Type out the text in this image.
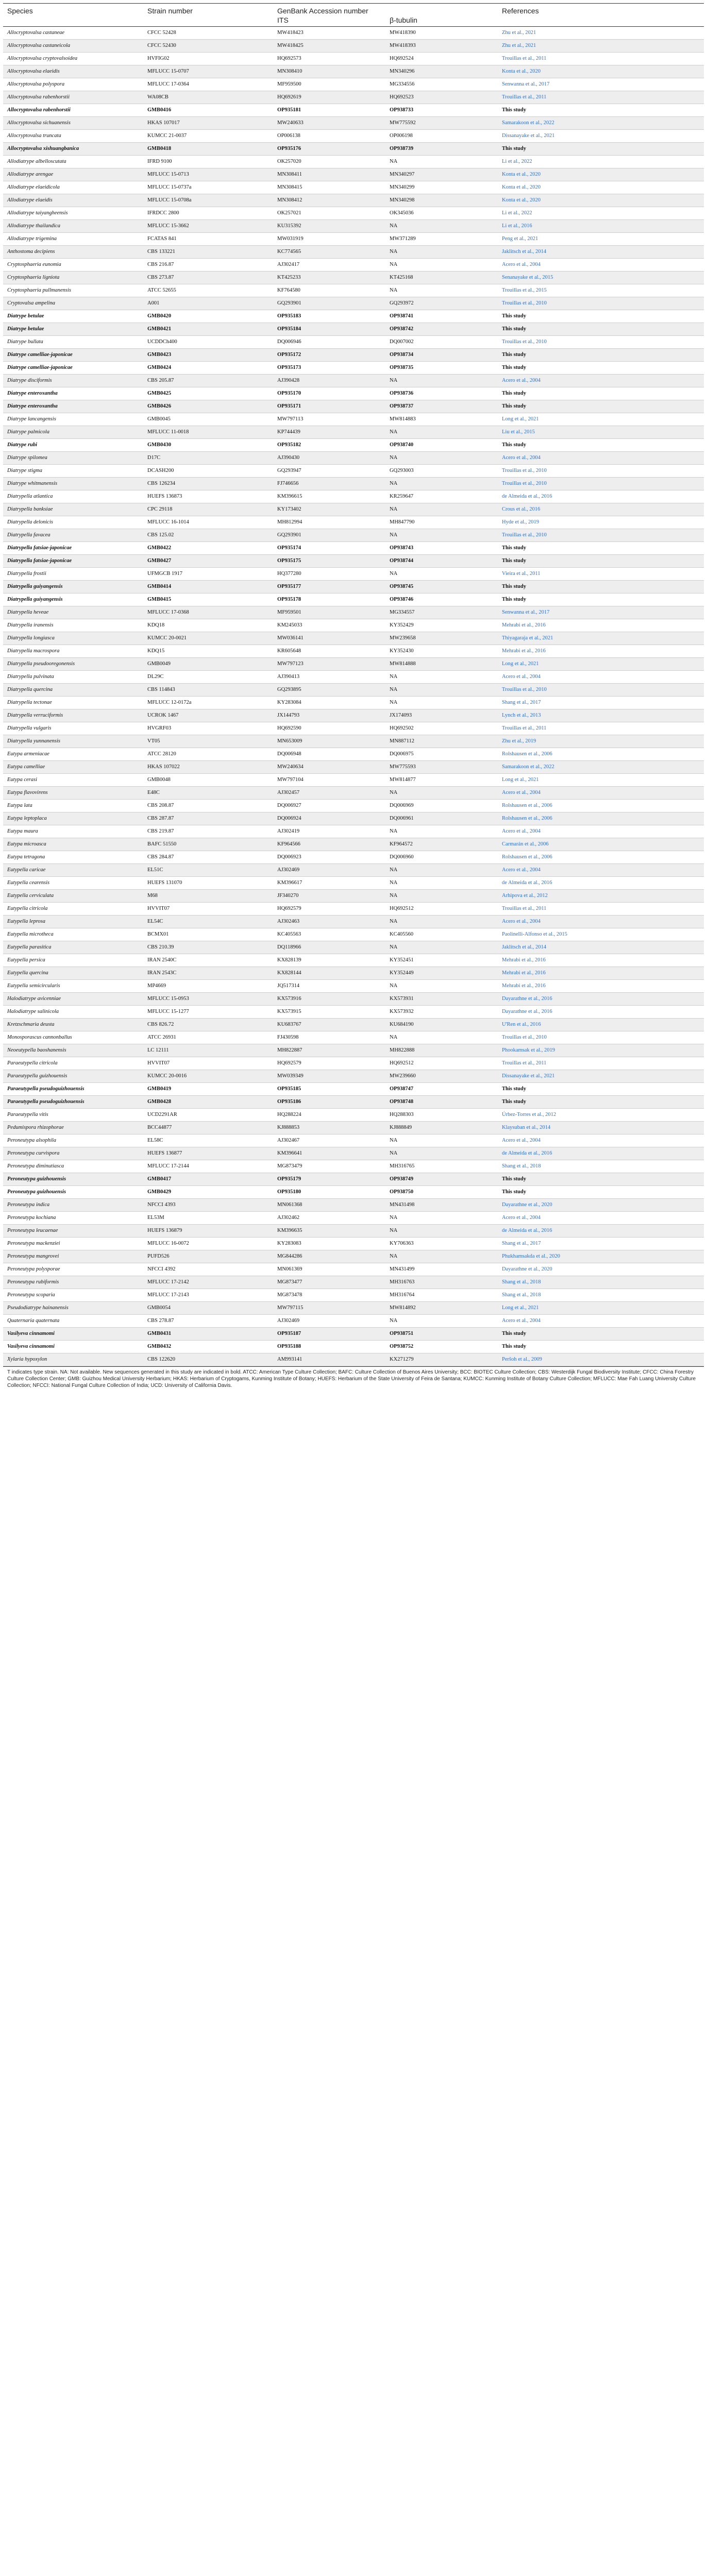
Species	Strain number	GenBank Accession number		References
		ITS	β-tubulin	
Allocryptovalsa castaneae	CFCC 52428	MW418423	MW418390	Zhu et al., 2021
Allocryptovalsa castaneicola	CFCC 52430	MW418425	MW418393	Zhu et al., 2021
Allocryptovalsa cryptovalsoidea	HVFIG02	HQ692573	HQ692524	Trouillas et al., 2011
Allocryptovalsa elaeidis	MFLUCC 15-0707	MN308410	MN340296	Konta et al., 2020
Allocryptovalsa polyspora	MFLUCC 17-0364	MF959500	MG334556	Senwanna et al., 2017
Allocryptovalsa rabenhorstii	WA08CB	HQ692619	HQ692523	Trouillas et al., 2011
Allocryptovalsa rabenhorstii	GMB0416	OP935181	OP938733	This study
Allocryptovalsa sichuanensis	HKAS 107017	MW240633	MW775592	Samarakoon et al., 2022
Allocryptovalsa truncata	KUMCC 21-0037	OP006138	OP006198	Dissanayake et al., 2021
Allocryptovalsa xishuangbanica	GMB0418	OP935176	OP938739	This study
Allodiatrype albelloscutata	IFRD 9100	OK257020	NA	Li et al., 2022
Allodiatrype arengae	MFLUCC 15-0713	MN308411	MN340297	Konta et al., 2020
Allodiatrype elaeidicola	MFLUCC 15-0737a	MN308415	MN340299	Konta et al., 2020
Allodiatrype elaeidis	MFLUCC 15-0708a	MN308412	MN340298	Konta et al., 2020
Allodiatrype taiyangheensis	IFRDCC 2800	OK257021	OK345036	Li et al., 2022
Allodiatrype thailandica	MFLUCC 15-3662	KU315392	NA	Li et al., 2016
Allodiatrype trigemina	FCATAS 841	MW031919	MW371289	Peng et al., 2021
Anthostoma decipiens	CBS 133221	KC774565	NA	Jaklitsch et al., 2014
Cryptosphaeria eunomia	CBS 216.87	AJ302417	NA	Acero et al., 2004
Cryptosphaeria ligniota	CBS 273.87	KT425233	KT425168	Senanayake et al., 2015
Cryptosphaeria pullmanensis	ATCC 52655	KF764580	NA	Trouillas et al., 2015
Cryptovalsa ampelina	A001	GQ293901	GQ293972	Trouillas et al., 2010
Diatrype betulae	GMB0420	OP935183	OP938741	This study
Diatrype betulae	GMB0421	OP935184	OP938742	This study
Diatrype bullata	UCDDCh400	DQ006946	DQ007002	Trouillas et al., 2010
Diatrype camelliae-japonicae	GMB0423	OP935172	OP938734	This study
Diatrype camelliae-japonicae	GMB0424	OP935173	OP938735	This study
Diatrype disciformis	CBS 205.87	AJ390428	NA	Acero et al., 2004
Diatrype enteroxantha	GMB0425	OP935170	OP938736	This study
Diatrype enteroxantha	GMB0426	OP935171	OP938737	This study
Diatrype lancangensis	GMB0045	MW797113	MW814883	Long et al., 2021
Diatrype palmicola	MFLUCC 11-0018	KP744439	NA	Liu et al., 2015
Diatrype rubi	GMB0430	OP935182	OP938740	This study
Diatrype spilomea	D17C	AJ390430	NA	Acero et al., 2004
Diatrype stigma	DCASH200	GQ293947	GQ293003	Trouillas et al., 2010
Diatrype whitmanensis	CBS 126234	FJ746656	NA	Trouillas et al., 2010
Diatrypella atlantica	HUEFS 136873	KM396615	KR259647	de Almeida et al., 2016
Diatrypella banksiae	CPC 29118	KY173402	NA	Crous et al., 2016
Diatrypella delonicis	MFLUCC 16-1014	MH812994	MH847790	Hyde et al., 2019
Diatrypella favacea	CBS 125.02	GQ293901	NA	Trouillas et al., 2010
Diatrypella fatsiae-japonicae	GMB0422	OP935174	OP938743	This study
Diatrypella fatsiae-japonicae	GMB0427	OP935175	OP938744	This study
Diatrypella frostii	UFMGCB 1917	HQ377280	NA	Vieira et al., 2011
Diatrypella guiyangensis	GMB0414	OP935177	OP938745	This study
Diatrypella guiyangensis	GMB0415	OP935178	OP938746	This study
Diatrypella heveae	MFLUCC 17-0368	MF959501	MG334557	Senwanna et al., 2017
Diatrypella iranensis	KDQ18	KM245033	KY352429	Mehrabi et al., 2016
Diatrypella longiasca	KUMCC 20-0021	MW036141	MW239658	Thiyagaraja et al., 2021
Diatrypella macrospora	KDQ15	KR605648	KY352430	Mehrabi et al., 2016
Diatrypella pseudooregonensis	GMB0049	MW797123	MW814888	Long et al., 2021
Diatrypella pulvinata	DL29C	AJ390413	NA	Acero et al., 2004
Diatrypella quercina	CBS 114843	GQ293895	NA	Trouillas et al., 2010
Diatrypella tectonae	MFLUCC 12-0172a	KY283084	NA	Shang et al., 2017
Diatrypella verruciformis	UCROK 1467	JX144793	JX174093	Lynch et al., 2013
Diatrypella vulgaris	HVGRF03	HQ692590	HQ692502	Trouillas et al., 2011
Diatrypella yunnanensis	VT05	MN653009	MN887112	Zhu et al., 2019
Eutypa armeniacae	ATCC 28120	DQ006948	DQ006975	Rolshausen et al., 2006
Eutypa camelliae	HKAS 107022	MW240634	MW775593	Samarakoon et al., 2022
Eutypa cerasi	GMB0048	MW797104	MW814877	Long et al., 2021
Eutypa flavovirens	E48C	AJ302457	NA	Acero et al., 2004
Eutypa lata	CBS 208.87	DQ006927	DQ006969	Rolshausen et al., 2006
Eutypa leptoplaca	CBS 287.87	DQ006924	DQ006961	Rolshausen et al., 2006
Eutypa maura	CBS 219.87	AJ302419	NA	Acero et al., 2004
Eutypa microasca	BAFC 51550	KF964566	KF964572	Carmarán et al., 2006
Eutypa tetragona	CBS 284.87	DQ006923	DQ006960	Rolshausen et al., 2006
Eutypella caricae	EL51C	AJ302469	NA	Acero et al., 2004
Eutypella cearensis	HUEFS 131070	KM396617	NA	de Almeida et al., 2016
Eutypella cerviculata	M68	JF340270	NA	Arhipova et al., 2012
Eutypella citricola	HVVIT07	HQ692579	HQ692512	Trouillas et al., 2011
Eutypella leprosa	EL54C	AJ302463	NA	Acero et al., 2004
Eutypella microtheca	BCMX01	KC405563	KC405560	Paolinelli-Alfonso et al., 2015
Eutypella parasitica	CBS 210.39	DQ118966	NA	Jaklitsch et al., 2014
Eutypella persica	IRAN 2540C	KX828139	KY352451	Mehrabi et al., 2016
Eutypella quercina	IRAN 2543C	KX828144	KY352449	Mehrabi et al., 2016
Eutypella semicircularis	MP4669	JQ517314	NA	Mehrabi et al., 2016
Halodiatrype avicenniae	MFLUCC 15-0953	KX573916	KX573931	Dayarathne et al., 2016
Halodiatrype salinicola	MFLUCC 15-1277	KX573915	KX573932	Dayarathne et al., 2016
Kretzschmaria deusta	CBS 826.72	KU683767	KU684190	U'Ren et al., 2016
Monosporascus cannonballus	ATCC 26931	FJ430598	NA	Trouillas et al., 2010
Neoeutypella baoshanensis	LC 12111	MH822887	MH822888	Phookamsak et al., 2019
Paraeutypella citricola	HVVIT07	HQ692579	HQ692512	Trouillas et al., 2011
Paraeutypella guizhouensis	KUMCC 20-0016	MW039349	MW239660	Dissanayake et al., 2021
Paraeutypella pseudoguizhouensis	GMB0419	OP935185	OP938747	This study
Paraeutypella pseudoguizhouensis	GMB0428	OP935186	OP938748	This study
Paraeutypella vitis	UCD2291AR	HQ288224	HQ288303	Úrbez-Torres et al., 2012
Pedumispora rhizophorae	BCC44877	KJ888853	KJ888849	Klaysuban et al., 2014
Peroneutypa alsophila	EL58C	AJ302467	NA	Acero et al., 2004
Peroneutypa curvispora	HUEFS 136877	KM396641	NA	de Almeida et al., 2016
Peroneutypa diminutiasca	MFLUCC 17-2144	MG873479	MH316765	Shang et al., 2018
Peroneutypa guizhouensis	GMB0417	OP935179	OP938749	This study
Peroneutypa guizhouensis	GMB0429	OP935180	OP938750	This study
Peroneutypa indica	NFCCI 4393	MN061368	MN431498	Dayarathne et al., 2020
Peroneutypa kochiana	EL53M	AJ302462	NA	Acero et al., 2004
Peroneutypa leucaenae	HUEFS 136879	KM396635	NA	de Almeida et al., 2016
Peroneutypa mackenziei	MFLUCC 16-0072	KY283083	KY706363	Shang et al., 2017
Peroneutypa mangrovei	PUFD526	MG844286	NA	Phukhamsakda et al., 2020
Peroneutypa polysporae	NFCCI 4392	MN061369	MN431499	Dayarathne et al., 2020
Peroneutypa rubiformis	MFLUCC 17-2142	MG873477	MH316763	Shang et al., 2018
Peroneutypa scoparia	MFLUCC 17-2143	MG873478	MH316764	Shang et al., 2018
Pseudodiatrype hainanensis	GMB0054	MW797115	MW814892	Long et al., 2021
Quaternaria quaternata	CBS 278.87	AJ302469	NA	Acero et al., 2004
Vasilyeva cinnamomi	GMB0431	OP935187	OP938751	This study
Vasilyeva cinnamomi	GMB0432	OP935188	OP938752	This study
Xylaria hypoxylon	CBS 122620	AM993141	KX271279	Peršoh et al., 2009
T indicates type strain. NA: Not available. New sequences generated in this study are indicated in bold. ATCC: American Type Culture Collection; BAFC: Culture Collection of Buenos Aires University; BCC: BIOTEC Culture Collection; CBS: Westerdijk Fungal Biodiversity Institute; CFCC: China Forestry Culture Collection Center; GMB: Guizhou Medical University Herbarium; HKAS: Herbarium of Cryptogams, Kunming Institute of Botany; HUEFS: Herbarium of the State University of Feira de Santana; KUMCC: Kunming Institute of Botany Culture Collection; MFLUCC: Mae Fah Luang University Culture Collection; NFCCI: National Fungal Culture Collection of India; UCD: University of California Davis.
